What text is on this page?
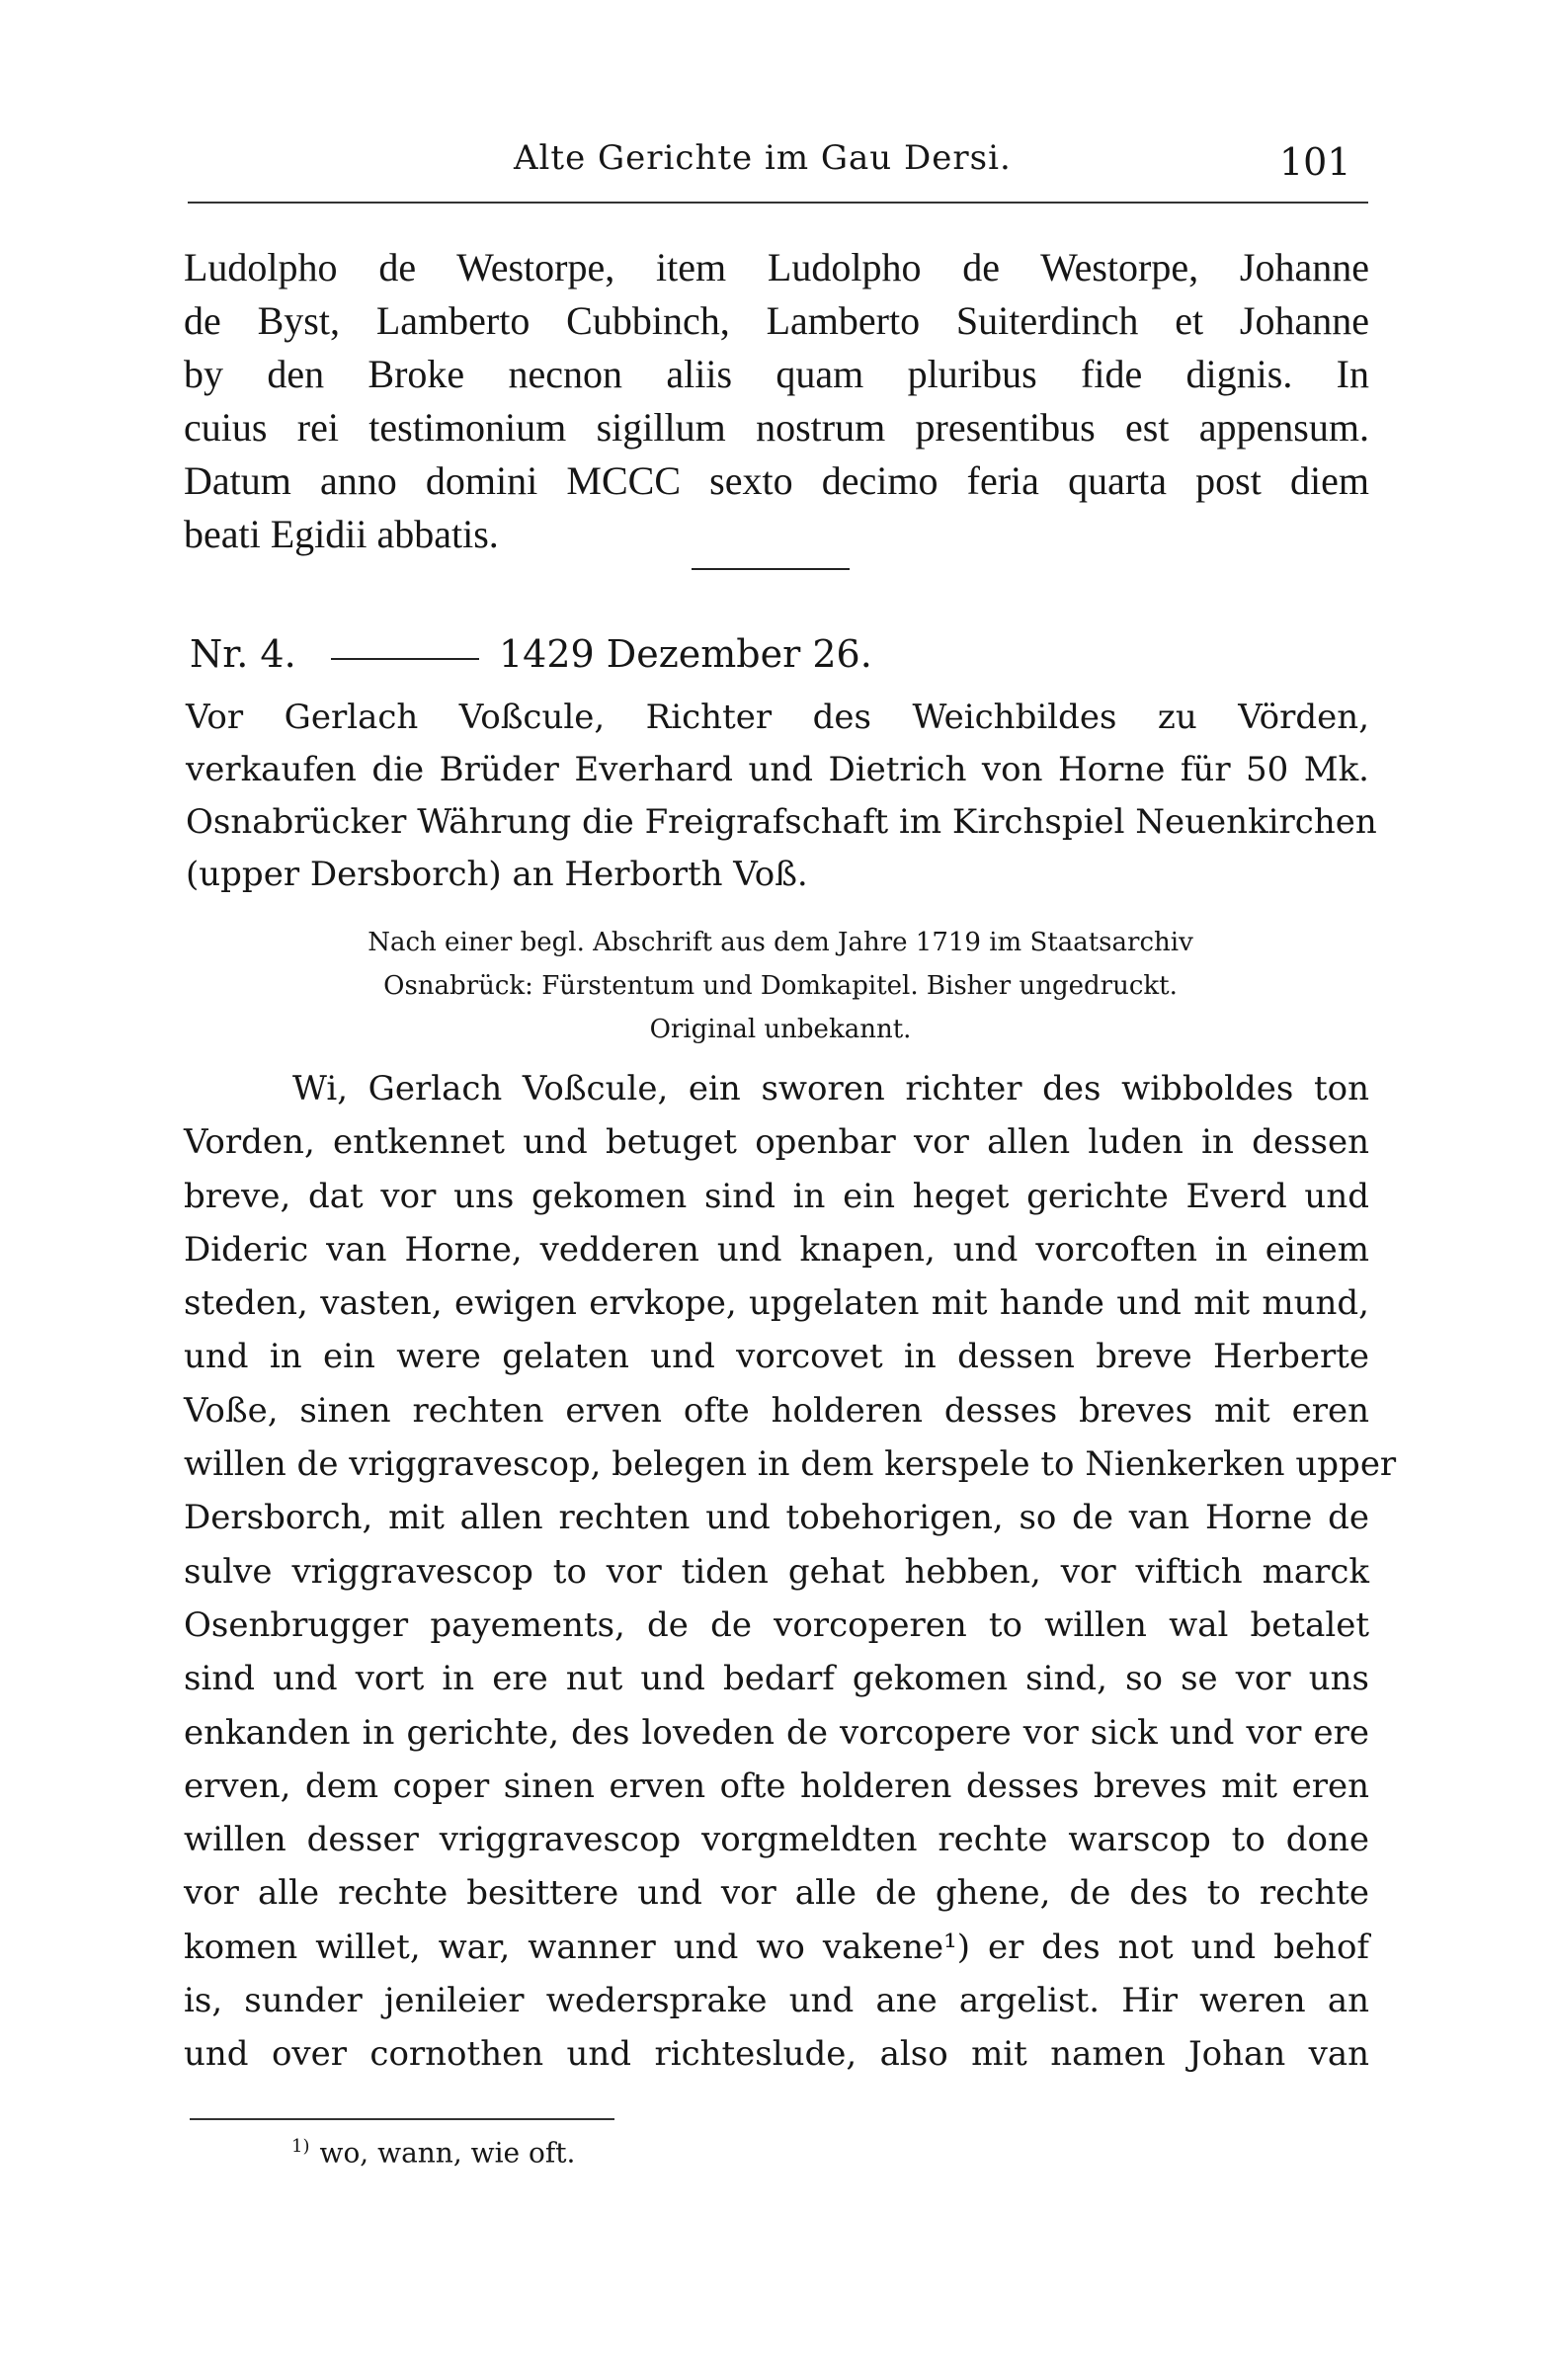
Alte Gerichte im Gau Dersi.	101
Ludolpho de Westorpe, item Ludolpho de Westorpe, Johanne
de Byst, Lamberto Cubbinch, Lamberto Suiterdinch et Johanne
by den Broke necnon aliis quam pluribus fide dignis. In
cuius rei testimonium sigillum nostrum presentibus est appensum.
Datum anno domini MCCC sexto decimo feria quarta post diem
beati Egidii abbatis.
Nr. 4.	1429 Dezember 26.
Vor Gerlach Voßcule, Richter des Weichbildes zu Vörden,
verkaufen die Brüder Everhard und Dietrich von Horne für 50 Mk.
Osnabrücker Währung die Freigrafschaft im Kirchspiel Neuenkirchen
(upper Dersborch) an Herborth Voß.
Nach einer begl. Abschrift aus dem Jahre 1719 im Staatsarchiv
Osnabrück: Fürstentum und Domkapitel. Bisher ungedruckt.
Original unbekannt.
Wi, Gerlach Voßcule, ein sworen richter des wibboldes ton
Vorden, entkennet und betuget openbar vor allen luden in dessen
breve, dat vor uns gekomen sind in ein heget gerichte Everd und
Dideric van Horne, vedderen und knapen, und vorcoften in einem
steden, vasten, ewigen ervkope, upgelaten mit hande und mit mund,
und in ein were gelaten und vorcovet in dessen breve Herberte
Voße, sinen rechten erven ofte holderen desses breves mit eren
willen de vriggravescop, belegen in dem kerspele to Nienkerken upper
Dersborch, mit allen rechten und tobehorigen, so de van Horne de
sulve vriggravescop to vor tiden gehat hebben, vor viftich marck
Osenbrugger payements, de de vorcoperen to willen wal betalet
sind und vort in ere nut und bedarf gekomen sind, so se vor uns
enkanden in gerichte, des loveden de vorcopere vor sick und vor ere
erven, dem coper sinen erven ofte holderen desses breves mit eren
willen desser vriggravescop vorgmeldten rechte warscop to done
vor alle rechte besittere und vor alle de ghene, de des to rechte
komen willet, war, wanner und wo vakene¹) er des not und behof
is, sunder jenileier wedersprake und ane argelist. Hir weren an
und over cornothen und richteslude, also mit namen Johan van
$^{1)}$ wo, wann, wie oft.
